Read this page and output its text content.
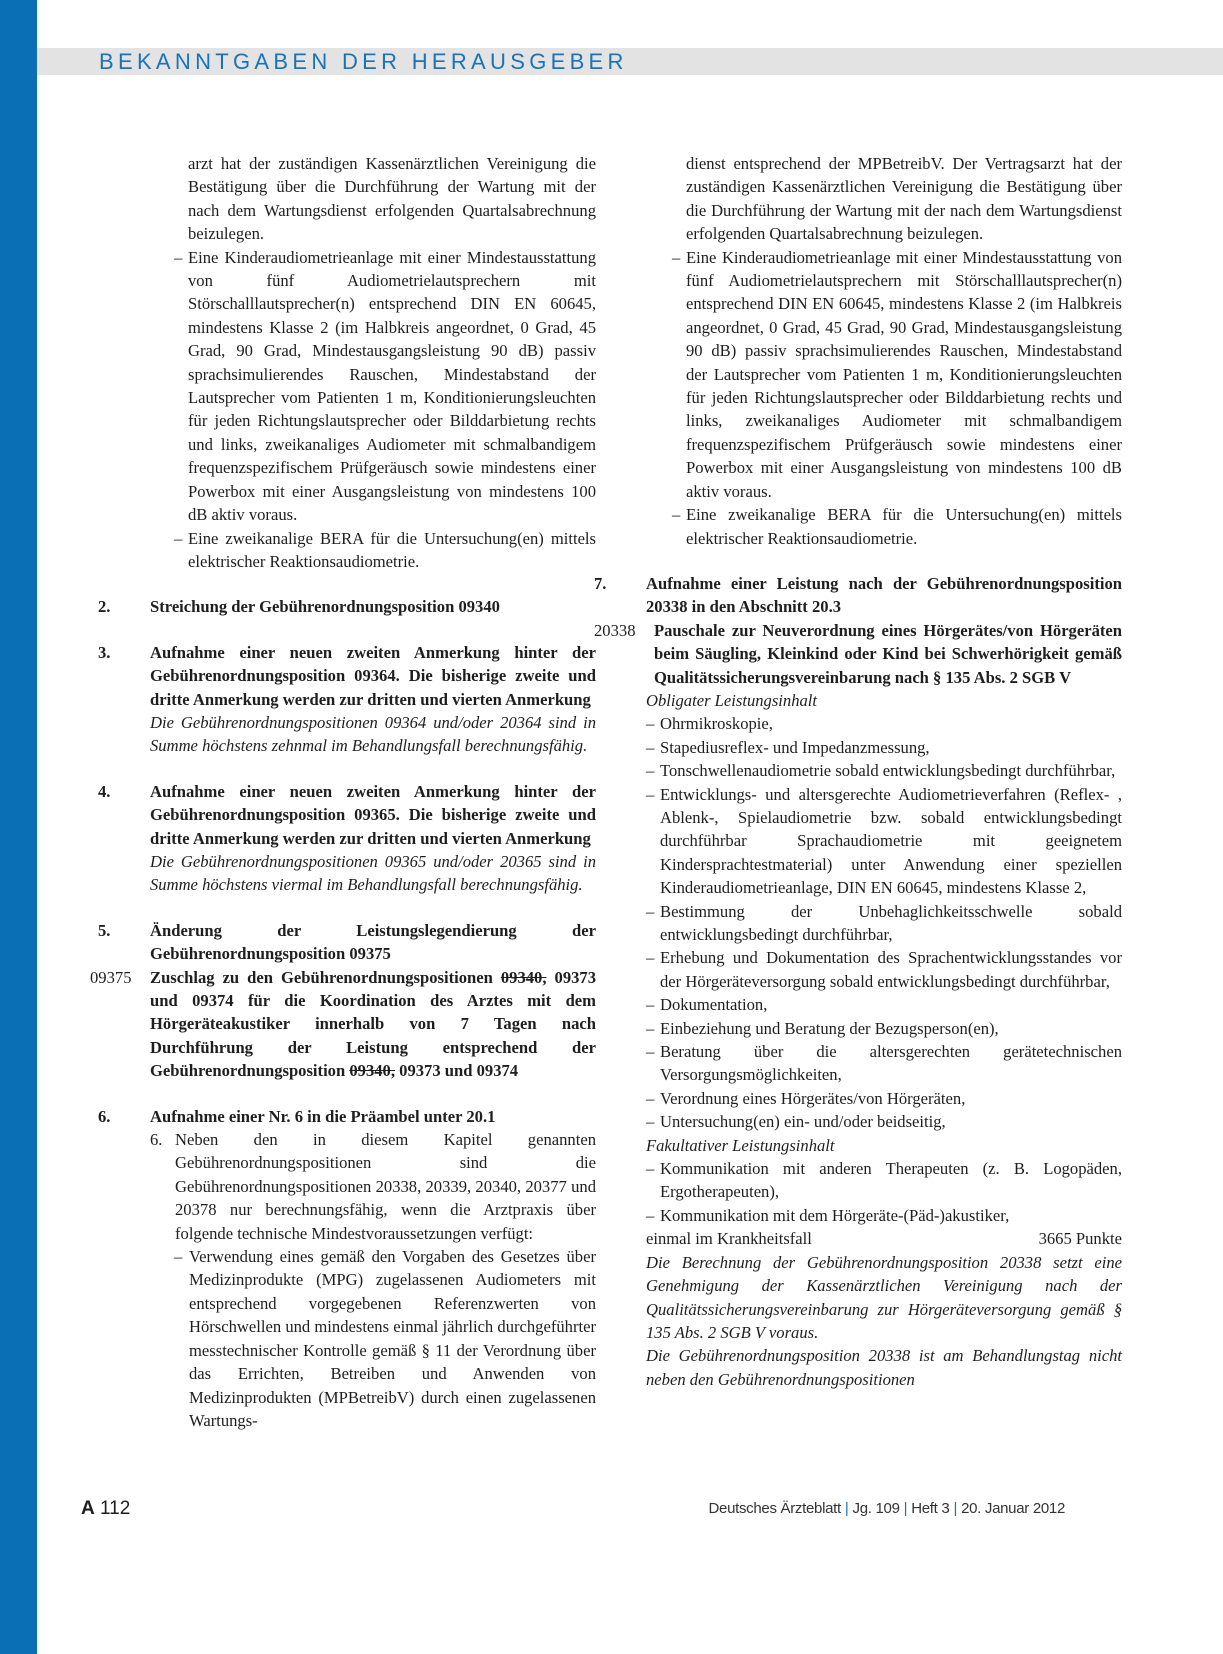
BEKANNTGABEN DER HERAUSGEBER
arzt hat der zuständigen Kassenärztlichen Vereinigung die Bestätigung über die Durchführung der Wartung mit der nach dem Wartungsdienst erfolgenden Quartalsabrechnung beizulegen.
– Eine Kinderaudiometrieanlage mit einer Mindestausstattung von fünf Audiometrielautsprechern mit Störschalllautsprecher(n) entsprechend DIN EN 60645, mindestens Klasse 2 (im Halbkreis angeordnet, 0 Grad, 45 Grad, 90 Grad, Mindestausgangsleistung 90 dB) passiv sprachsimulierendes Rauschen, Mindestabstand der Lautsprecher vom Patienten 1 m, Konditionierungsleuchten für jeden Richtungslautsprecher oder Bilddarbietung rechts und links, zweikanaliges Audiometer mit schmalbandigem frequenzspezifischem Prüfgeräusch sowie mindestens einer Powerbox mit einer Ausgangsleistung von mindestens 100 dB aktiv voraus.
– Eine zweikanalige BERA für die Untersuchung(en) mittels elektrischer Reaktionsaudiometrie.
2.	Streichung der Gebührenordnungsposition 09340
3.	Aufnahme einer neuen zweiten Anmerkung hinter der Gebührenordnungsposition 09364. Die bisherige zweite und dritte Anmerkung werden zur dritten und vierten Anmerkung
Die Gebührenordnungspositionen 09364 und/oder 20364 sind in Summe höchstens zehnmal im Behandlungsfall berechnungsfähig.
4.	Aufnahme einer neuen zweiten Anmerkung hinter der Gebührenordnungsposition 09365. Die bisherige zweite und dritte Anmerkung werden zur dritten und vierten Anmerkung
Die Gebührenordnungspositionen 09365 und/oder 20365 sind in Summe höchstens viermal im Behandlungsfall berechnungsfähig.
5.	Änderung der Leistungslegendierung der Gebührenordnungsposition 09375
09375	Zuschlag zu den Gebührenordnungspositionen 09340, 09373 und 09374 für die Koordination des Arztes mit dem Hörgeräteakustiker innerhalb von 7 Tagen nach Durchführung der Leistung entsprechend der Gebührenordnungsposition 09340, 09373 und 09374
6.	Aufnahme einer Nr. 6 in die Präambel unter 20.1
6. Neben den in diesem Kapitel genannten Gebührenordnungspositionen sind die Gebührenordnungspositionen 20338, 20339, 20340, 20377 und 20378 nur berechnungsfähig, wenn die Arztpraxis über folgende technische Mindestvoraussetzungen verfügt:
– Verwendung eines gemäß den Vorgaben des Gesetzes über Medizinprodukte (MPG) zugelassenen Audiometers mit entsprechend vorgegebenen Referenzwerten von Hörschwellen und mindestens einmal jährlich durchgeführter messtechnischer Kontrolle gemäß § 11 der Verordnung über das Errichten, Betreiben und Anwenden von Medizinprodukten (MPBetreibV) durch einen zugelassenen Wartungs-
dienst entsprechend der MPBetreibV. Der Vertragsarzt hat der zuständigen Kassenärztlichen Vereinigung die Bestätigung über die Durchführung der Wartung mit der nach dem Wartungsdienst erfolgenden Quartalsabrechnung beizulegen.
– Eine Kinderaudiometrieanlage mit einer Mindestausstattung von fünf Audiometrielautsprechern mit Störschalllautsprecher(n) entsprechend DIN EN 60645, mindestens Klasse 2 (im Halbkreis angeordnet, 0 Grad, 45 Grad, 90 Grad, Mindestausgangsleistung 90 dB) passiv sprachsimulierendes Rauschen, Mindestabstand der Lautsprecher vom Patienten 1 m, Konditionierungsleuchten für jeden Richtungslautsprecher oder Bilddarbietung rechts und links, zweikanaliges Audiometer mit schmalbandigem frequenzspezifischem Prüfgeräusch sowie mindestens einer Powerbox mit einer Ausgangsleistung von mindestens 100 dB aktiv voraus.
– Eine zweikanalige BERA für die Untersuchung(en) mittels elektrischer Reaktionsaudiometrie.
7.	Aufnahme einer Leistung nach der Gebührenordnungsposition 20338 in den Abschnitt 20.3
20338	Pauschale zur Neuverordnung eines Hörgerätes/von Hörgeräten beim Säugling, Kleinkind oder Kind bei Schwerhörigkeit gemäß Qualitätssicherungsvereinbarung nach § 135 Abs. 2 SGB V
Obligater Leistungsinhalt
– Ohrmikroskopie,
– Stapediusreflex- und Impedanzmessung,
– Tonschwellenaudiometrie sobald entwicklungsbedingt durchführbar,
– Entwicklungs- und altersgerechte Audiometrieverfahren (Reflex- , Ablenk-, Spielaudiometrie bzw. sobald entwicklungsbedingt durchführbar Sprachaudiometrie mit geeignetem Kindersprachtestmaterial) unter Anwendung einer speziellen Kinderaudiometrieanlage, DIN EN 60645, mindestens Klasse 2,
– Bestimmung der Unbehaglichkeitsschwelle sobald entwicklungsbedingt durchführbar,
– Erhebung und Dokumentation des Sprachentwicklungsstandes vor der Hörgeräteversorgung sobald entwicklungsbedingt durchführbar,
– Dokumentation,
– Einbeziehung und Beratung der Bezugsperson(en),
– Beratung über die altersgerechten gerätetechnischen Versorgungsmöglichkeiten,
– Verordnung eines Hörgerätes/von Hörgeräten,
– Untersuchung(en) ein- und/oder beidseitig,
Fakultativer Leistungsinhalt
– Kommunikation mit anderen Therapeuten (z. B. Logopäden, Ergotherapeuten),
– Kommunikation mit dem Hörgeräte-(Päd-)akustiker,
einmal im Krankheitsfall	3665 Punkte
Die Berechnung der Gebührenordnungsposition 20338 setzt eine Genehmigung der Kassenärztlichen Vereinigung nach der Qualitätssicherungsvereinbarung zur Hörgeräteversorgung gemäß § 135 Abs. 2 SGB V voraus.
Die Gebührenordnungsposition 20338 ist am Behandlungstag nicht neben den Gebührenordnungspositionen
A 112	Deutsches Ärzteblatt | Jg. 109 | Heft 3 | 20. Januar 2012
